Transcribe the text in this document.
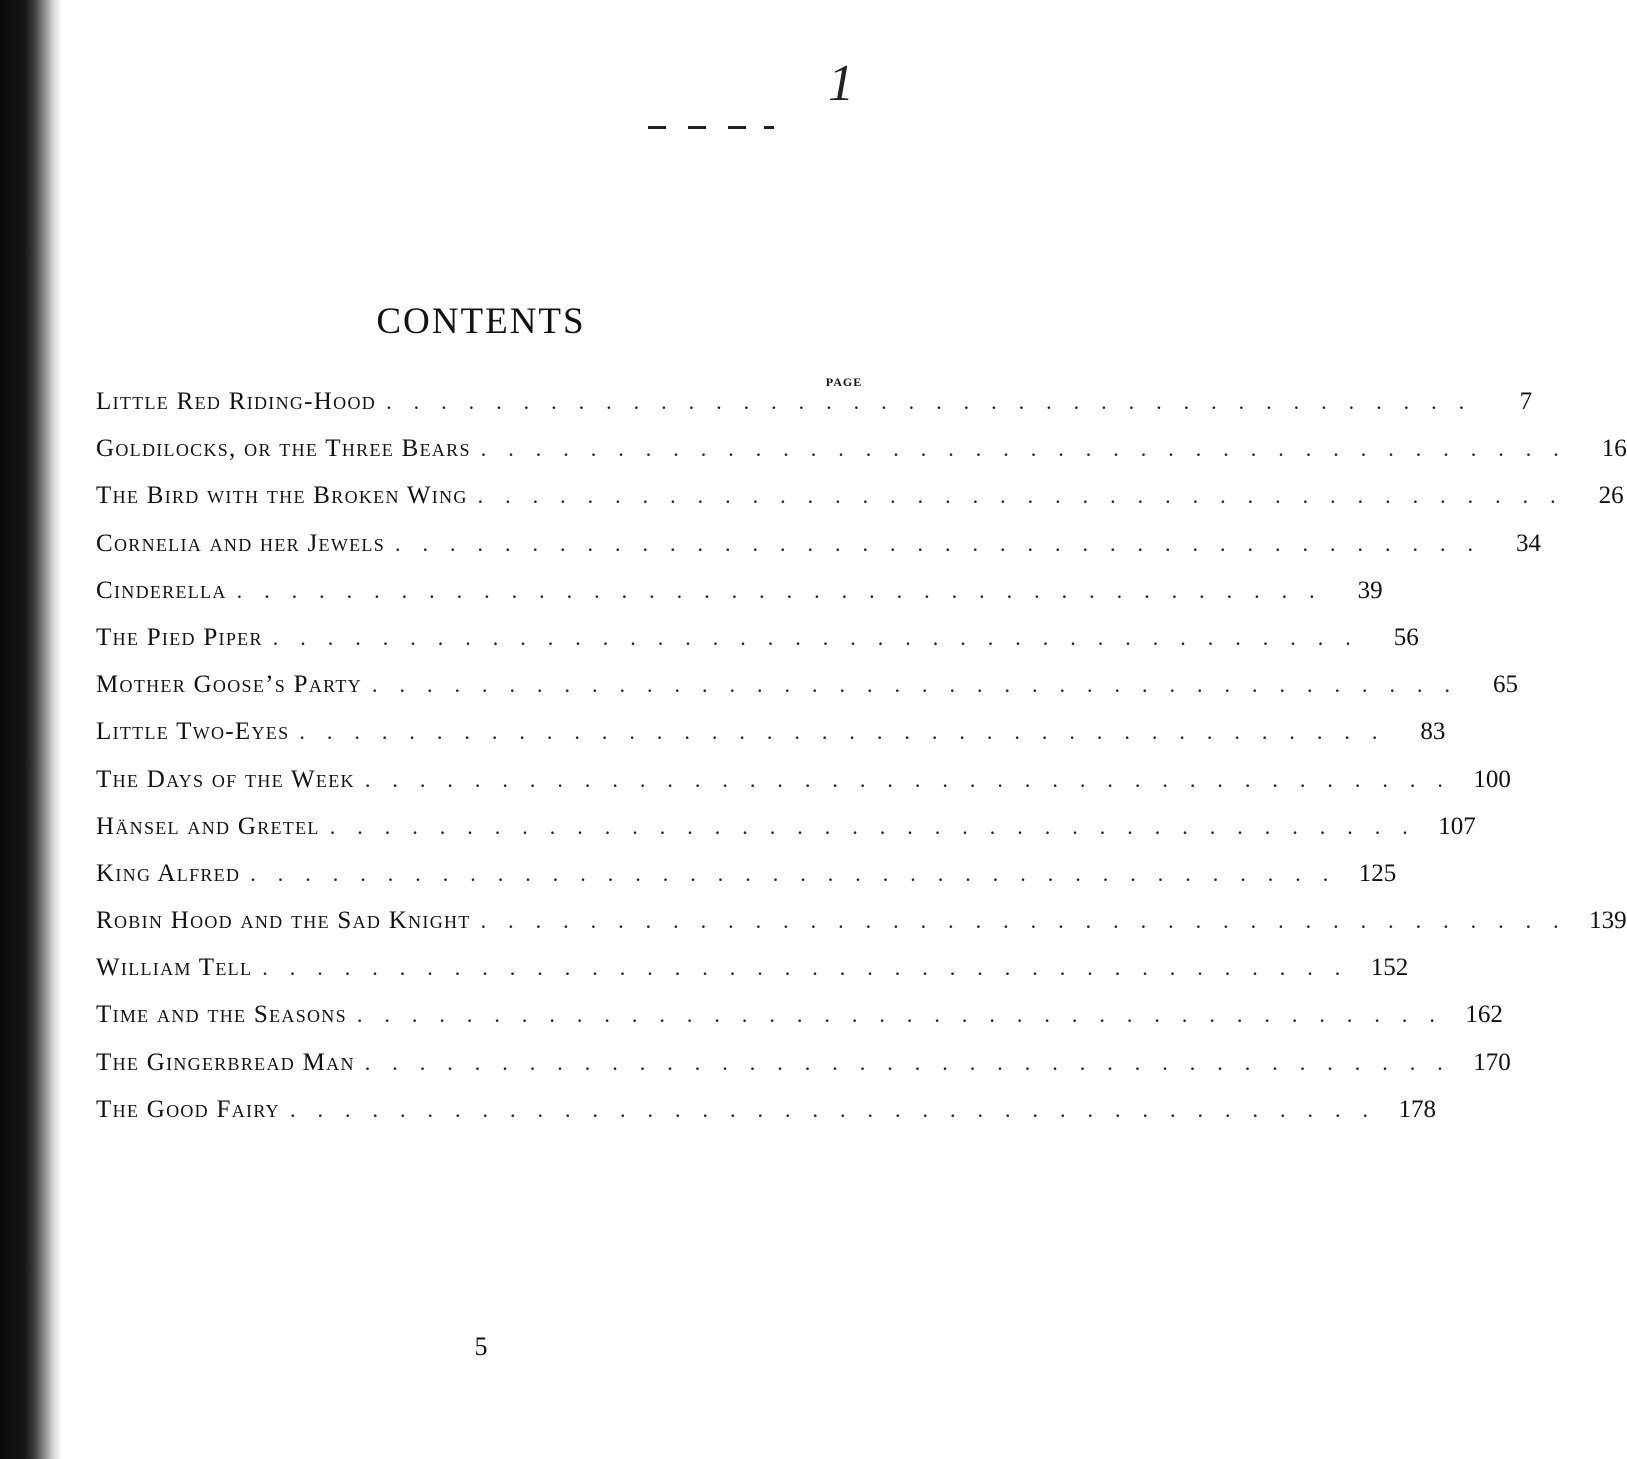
1
CONTENTS
PAGE
Little Red Riding-Hood ........................................	7
Goldilocks, or the Three Bears ........................................ 16
The Bird with the Broken Wing ........................................ 26
Cornelia and her Jewels ........................................ 34
Cinderella ........................................ 39
The Pied Piper ........................................ 56
Mother Goose’s Party ........................................ 65
Little Two-Eyes ........................................ 83
The Days of the Week ........................................ 100
Hänsel and Gretel ........................................ 107
King Alfred ........................................ 125
Robin Hood and the Sad Knight ........................................ 139
William Tell ........................................ 152
Time and the Seasons ........................................ 162
The Gingerbread Man ........................................ 170
The Good Fairy ........................................ 178
5
